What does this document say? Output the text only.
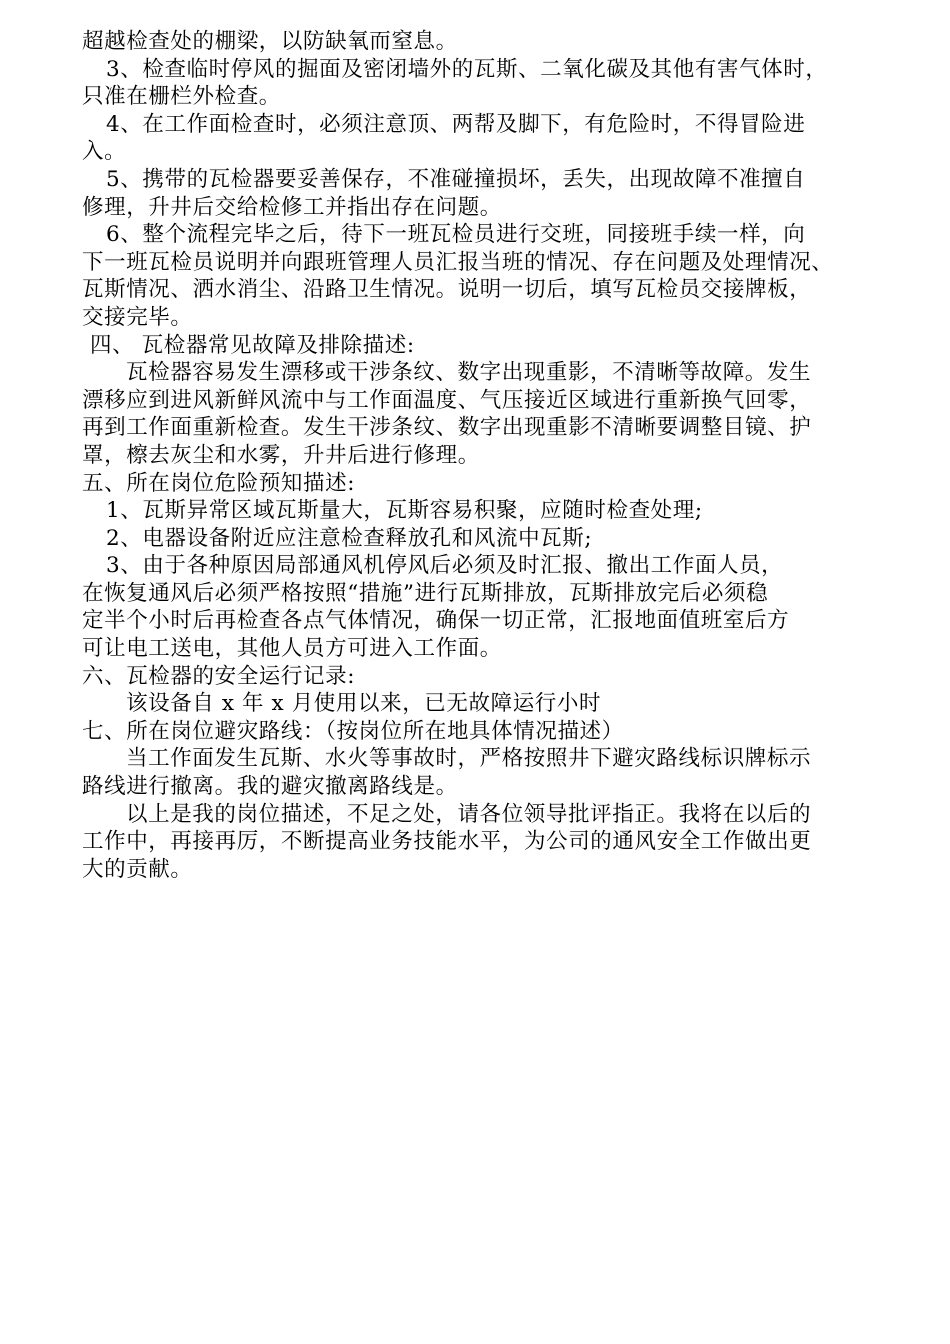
超越检查处的棚梁，以防缺氧而窒息。
3、检查临时停风的掘面及密闭墙外的瓦斯、二氧化碳及其他有害气体时，
只准在栅栏外检查。
4、在工作面检查时，必须注意顶、两帮及脚下，有危险时，不得冒险进
入。
5、携带的瓦检器要妥善保存，不准碰撞损坏，丢失，出现故障不准擅自
修理，升井后交给检修工并指出存在问题。
6、整个流程完毕之后，待下一班瓦检员进行交班，同接班手续一样，向
下一班瓦检员说明并向跟班管理人员汇报当班的情况、存在问题及处理情况、
瓦斯情况、洒水消尘、沿路卫生情况。说明一切后，填写瓦检员交接牌板，
交接完毕。
四、 瓦检器常见故障及排除描述:
瓦检器容易发生漂移或干涉条纹、数字出现重影，不清晰等故障。发生
漂移应到进风新鲜风流中与工作面温度、气压接近区域进行重新换气回零，
再到工作面重新检查。发生干涉条纹、数字出现重影不清晰要调整目镜、护
罩，檫去灰尘和水雾，升井后进行修理。
五、所在岗位危险预知描述:
1、瓦斯异常区域瓦斯量大，瓦斯容易积聚，应随时检查处理;
2、电器设备附近应注意检查释放孔和风流中瓦斯;
3、由于各种原因局部通风机停风后必须及时汇报、撤出工作面人员，
在恢复通风后必须严格按照“措施”进行瓦斯排放，瓦斯排放完后必须稳
定半个小时后再检查各点气体情况，确保一切正常，汇报地面值班室后方
可让电工送电，其他人员方可进入工作面。
六、瓦检器的安全运行记录:
该设备自 x 年 x 月使用以来，已无故障运行小时
七、所在岗位避灾路线：（按岗位所在地具体情况描述）
当工作面发生瓦斯、水火等事故时，严格按照井下避灾路线标识牌标示
路线进行撤离。我的避灾撤离路线是。
以上是我的岗位描述，不足之处，请各位领导批评指正。我将在以后的
工作中，再接再厉，不断提高业务技能水平，为公司的通风安全工作做出更
大的贡献。
